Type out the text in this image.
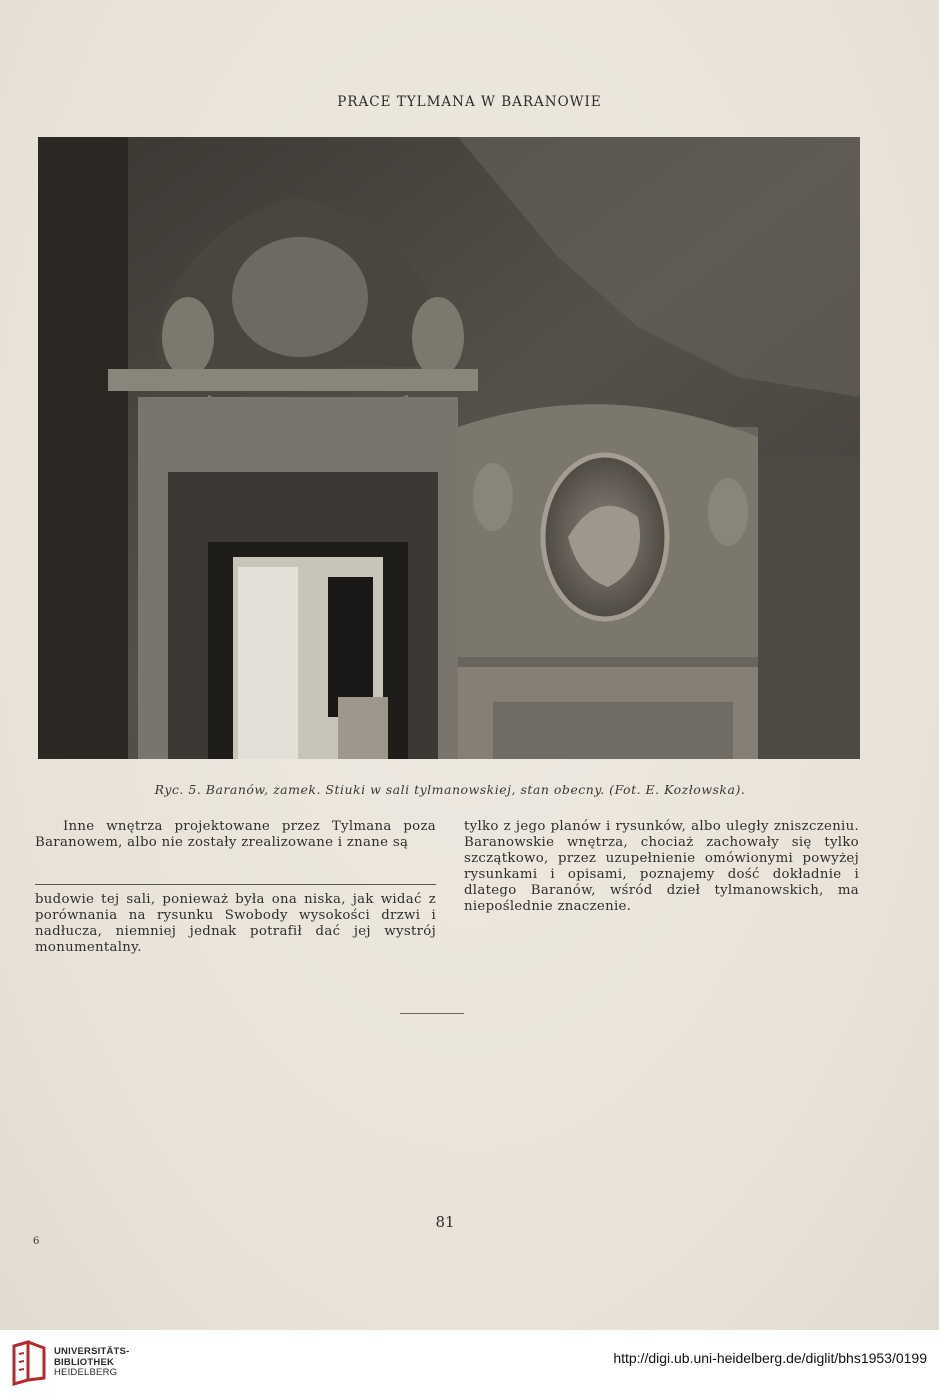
PRACE TYLMANA W BARANOWIE
Ryc. 5. Baranów, zamek. Stiuki w sali tylmanowskiej, stan obecny. (Fot. E. Kozłowska).

Inne wnętrza projektowane przez Tylmana poza Baranowem, albo nie zostały zrealizowane i znane są

budowie tej sali, ponieważ była ona niska, jak widać z porównania na rysunku Swobody wysokości drzwi i nadłucza, niemniej jednak potrafił dać jej wystrój monumentalny.

tylko z jego planów i rysunków, albo uległy zniszczeniu. Baranowskie wnętrza, chociaż zachowały się tylko szczątkowo, przez uzupełnienie omówionymi powyżej rysunkami i opisami, poznajemy dość dokładnie i dlatego Baranów, wśród dzieł tylmanowskich, ma niepoślednie znaczenie.

81
6
UNIVERSITÄTS-
BIBLIOTHEK
HEIDELBERG
http://digi.ub.uni-heidelberg.de/diglit/bhs1953/0199
